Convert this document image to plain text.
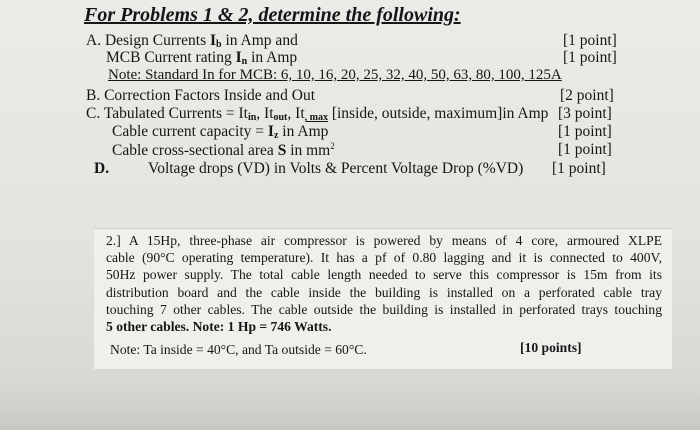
For Problems 1 & 2, determine the following:
A. Design Currents $I_b$ in Amp and	[1 point]
MCB Current rating $I_n$ in Amp	[1 point]
Note: Standard In for MCB: 6, 10, 16, 20, 25, 32, 40, 50, 63, 80, 100, 125A
B. Correction Factors Inside and Out	[2 point]
C. Tabulated Currents = $It_{in}$, $It_{out}$, $It_{, max}$ [inside, outside, maximum]in Amp [3 point]
Cable current capacity = $I_z$ in Amp	[1 point]
Cable cross-sectional area S in $mm^2$	[1 point]
D.	Voltage drops (VD) in Volts & Percent Voltage Drop (%VD) [1 point]
2.] A 15Hp, three-phase air compressor is powered by means of 4 core, armoured XLPE
cable (90°C operating temperature). It has a pf of 0.80 lagging and it is connected to 400V,
50Hz power supply. The total cable length needed to serve this compressor is 15m from its
distribution board and the cable inside the building is installed on a perforated cable tray
touching 7 other cables. The cable outside the building is installed in perforated trays touching
5 other cables. Note: 1 Hp = 746 Watts.
Note: Ta inside = 40°C, and Ta outside = 60°C.	[10 points]
